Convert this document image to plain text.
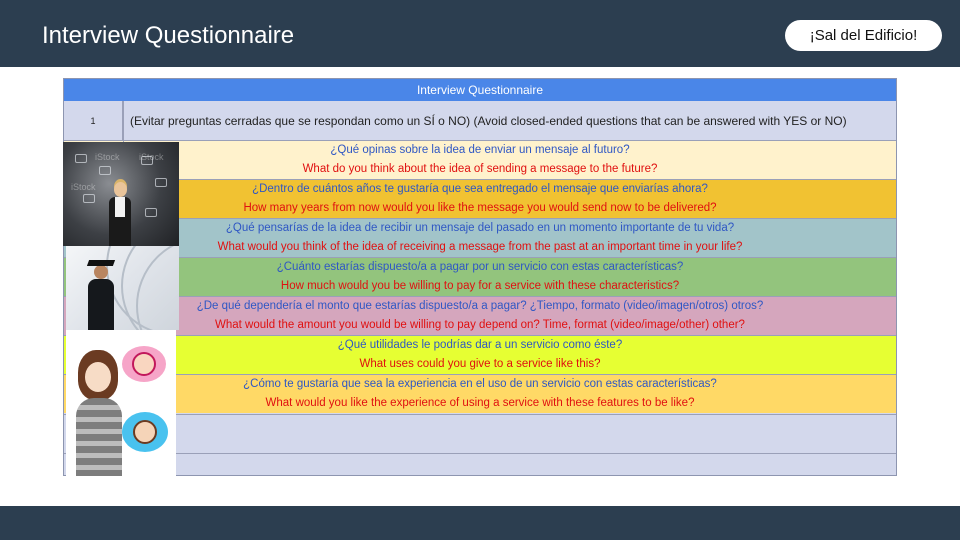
Interview Questionnaire	¡Sal del Edificio!
Interview Questionnaire
1	(Evitar preguntas cerradas que se respondan como un SÍ o NO) (Avoid closed-ended questions that can be answered with YES or NO)
¿Qué opinas sobre la idea de enviar un mensaje al futuro?
What do you think about the idea of sending a message to the future?
¿Dentro de cuántos años te gustaría que sea entregado el mensaje que enviarías ahora?
How many years from now would you like the message you would send now to be delivered?
¿Qué pensarías de la idea de recibir un mensaje del pasado en un momento importante de tu vida?
What would you think of the idea of receiving a message from the past at an important time in your life?
¿Cuánto estarías dispuesto/a a pagar por un servicio con estas características?
How much would you be willing to pay for a service with these characteristics?
¿De qué dependería el monto que estarías dispuesto/a a pagar? ¿Tiempo, formato (video/imagen/otros) otros?
What would the amount you would be willing to pay depend on? Time, format (video/image/other) other?
¿Qué utilidades le podrías dar a un servicio como éste?
What uses could you give to a service like this?
¿Cómo te gustaría que sea la experiencia en el uso de un servicio con estas características?
What would you like the experience of using a service with these features to be like?
iStock iStock
iStock
